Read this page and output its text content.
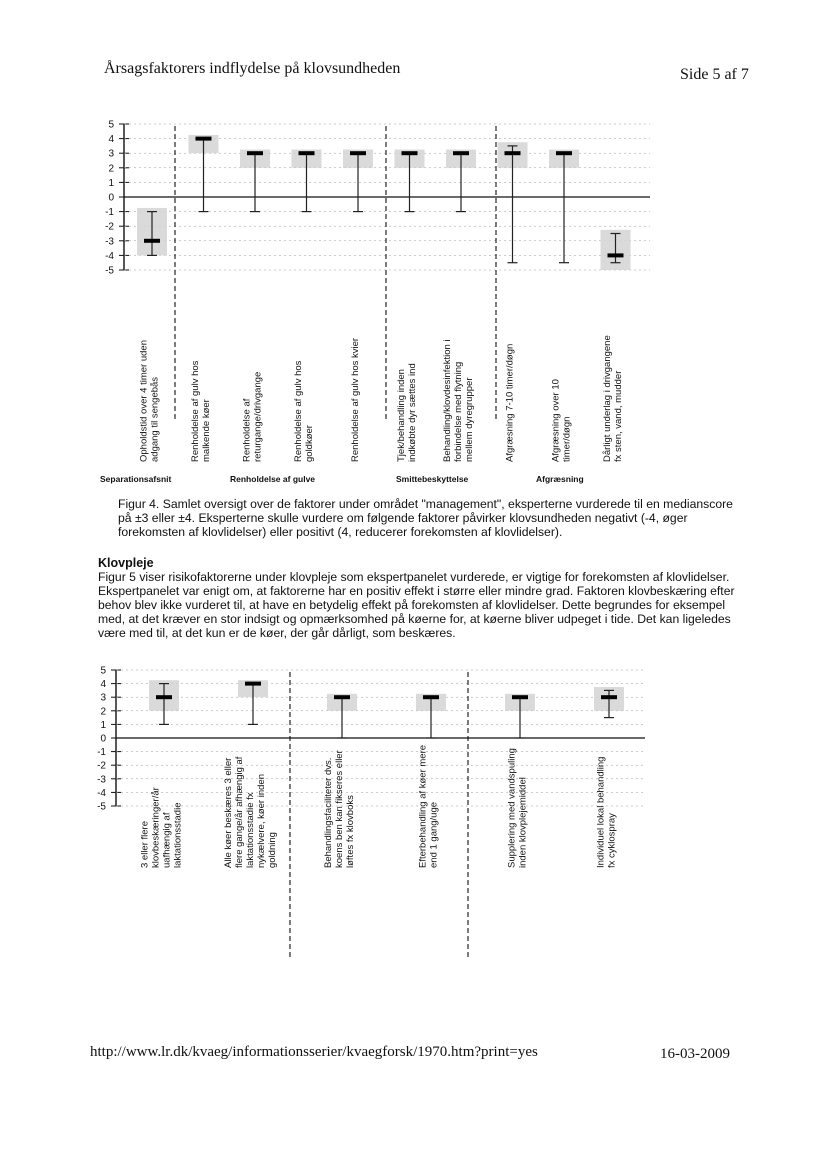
Årsagsfaktorers indflydelse på klovsundheden	Side 5 af 7
5
4
3
2
1
0
-1
-2
-3
-4
-5
Opholdstid over 4 timer udenadgang til sengebås	Renholdelse af gulv hosmalkende køer	Renholdelse afreturgange/drivgange	Renholdelse af gulv hosgoldkøer	Renholdelse af gulv hos kvier	Tjek/behandling indenindkøbte dyr sættes ind	Behandling/klovdesinfektion iforbindelse med flytningmellem dyregrupper	Afgræsning 7-10 timer/døgn	Afgræsning over 10timer/døgn	Dårligt underlag i drivgangenefx sten, vand, mudder
Separationsafsnit	Renholdelse af gulve	Smittebeskyttelse	Afgræsning
5
4
3
2
1
0
-1
-2
-3
-4
-5
3 eller flereklovbeskæringer/åruafhængig aflaktationsstadie	Alle køer beskæres 3 ellerflere gange/år afhængig aflaktationsstadie fxnykælvere, køer indengoldning	Behandlingsfaciliteter dvs.koens ben kan fikseres ellerløftes fx klovboks	Efterbehandling af køer mereend 1 gang/uge	Supplering med vandspulinginden klovplejemiddel	Individuel lokal behandlingfx cyklospray
Figur 4. Samlet oversigt over de faktorer under området "management", eksperterne vurderede til en medianscore på ±3 eller ±4. Eksperterne skulle vurdere om følgende faktorer påvirker klovsundheden negativt (-4, øger forekomsten af klovlidelser) eller positivt (4, reducerer forekomsten af klovlidelser).
Klovpleje
Figur 5 viser risikofaktorerne under klovpleje som ekspertpanelet vurderede, er vigtige for forekomsten af klovlidelser. Ekspertpanelet var enigt om, at faktorerne har en positiv effekt i større eller mindre grad. Faktoren klovbeskæring efter behov blev ikke vurderet til, at have en betydelig effekt på forekomsten af klovlidelser. Dette begrundes for eksempel med, at det kræver en stor indsigt og opmærksomhed på køerne for, at køerne bliver udpeget i tide. Det kan ligeledes være med til, at det kun er de køer, der går dårligt, som beskæres.
http://www.lr.dk/kvaeg/informationsserier/kvaegforsk/1970.htm?print=yes	16-03-2009
